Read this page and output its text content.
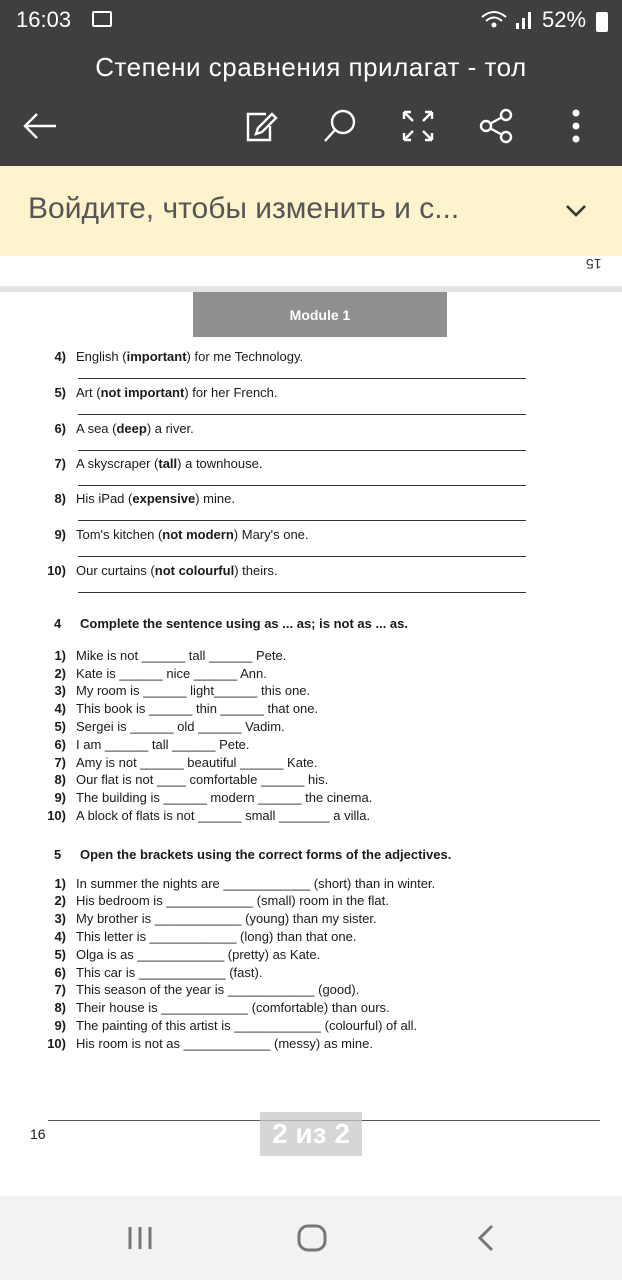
16:03	52%
Степени сравнения прилагат - тол
Войдите, чтобы изменить и с...
15
Module 1
4) English (important) for me Technology.
5) Art (not important) for her French.
6) A sea (deep) a river.
7) A skyscraper (tall) a townhouse.
8) His iPad (expensive) mine.
9) Tom's kitchen (not modern) Mary's one.
10) Our curtains (not colourful) theirs.
4 Complete the sentence using as ... as; is not as ... as.
1) Mike is not ______ tall ______ Pete.
2) Kate is ______ nice ______ Ann.
3) My room is ______ light______ this one.
4) This book is ______ thin ______ that one.
5) Sergei is ______ old ______ Vadim.
6) I am ______ tall ______ Pete.
7) Amy is not ______ beautiful ______ Kate.
8) Our flat is not ____ comfortable ______ his.
9) The building is ______ modern ______ the cinema.
10) A block of flats is not ______ small _______ a villa.
5 Open the brackets using the correct forms of the adjectives.
1) In summer the nights are ____________ (short) than in winter.
2) His bedroom is ____________ (small) room in the flat.
3) My brother is ____________ (young) than my sister.
4) This letter is ____________ (long) than that one.
5) Olga is as ____________ (pretty) as Kate.
6) This car is ____________ (fast).
7) This season of the year is ____________ (good).
8) Their house is ____________ (comfortable) than ours.
9) The painting of this artist is ____________ (colourful) of all.
10) His room is not as ____________ (messy) as mine.
16	2 из 2
